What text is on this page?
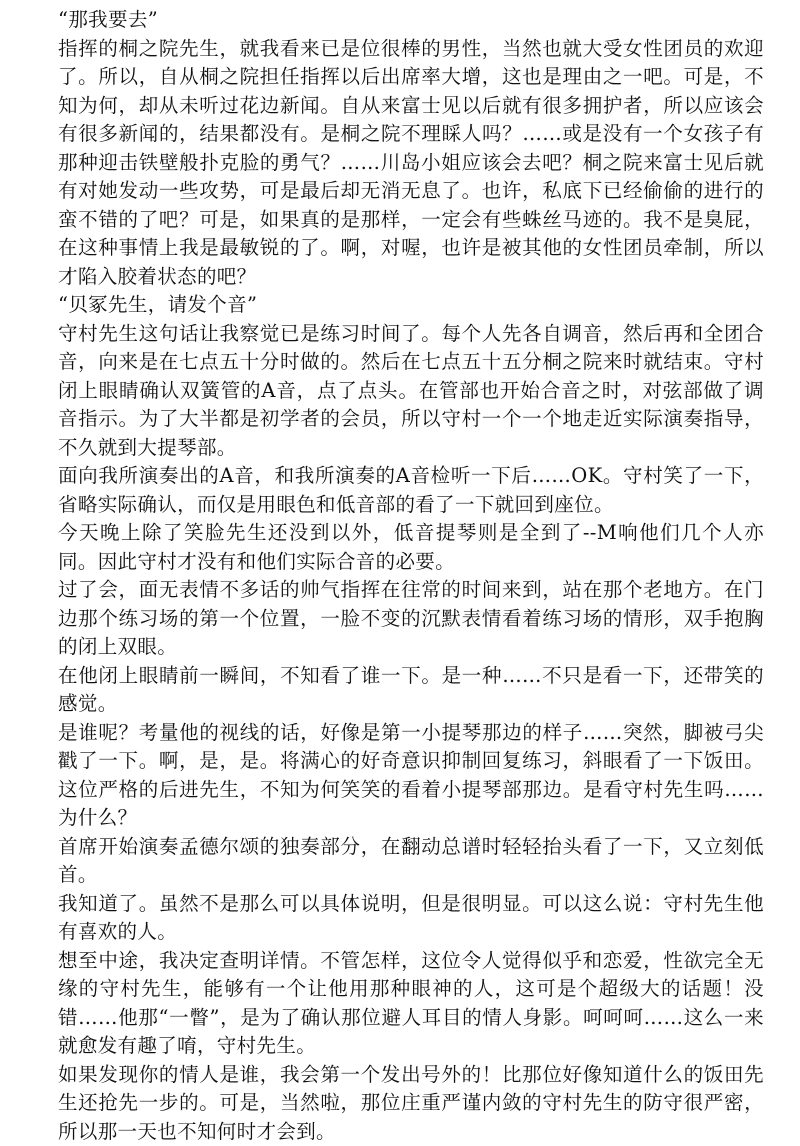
“那我要去”

指挥的桐之院先生，就我看来已是位很棒的男性，当然也就大受女性团员的欢迎了。所以，自从桐之院担任指挥以后出席率大增，这也是理由之一吧。可是，不知为何，却从未听过花边新闻。自从来富士见以后就有很多拥护者，所以应该会有很多新闻的，结果都没有。是桐之院不理睬人吗？……或是没有一个女孩子有那种迎击铁壁般扑克脸的勇气？……川岛小姐应该会去吧？桐之院来富士见后就有对她发动一些攻势，可是最后却无消无息了。也许，私底下已经偷偷的进行的蛮不错的了吧？可是，如果真的是那样，一定会有些蛛丝马迹的。我不是臭屁，在这种事情上我是最敏锐的了。啊，对喔，也许是被其他的女性团员牵制，所以才陷入胶着状态的吧？

“贝冢先生，请发个音”

守村先生这句话让我察觉已是练习时间了。每个人先各自调音，然后再和全团合音，向来是在七点五十分时做的。然后在七点五十五分桐之院来时就结束。守村闭上眼睛确认双簧管的A音，点了点头。在管部也开始合音之时，对弦部做了调音指示。为了大半都是初学者的会员，所以守村一个一个地走近实际演奏指导，不久就到大提琴部。

面向我所演奏出的A音，和我所演奏的A音检听一下后……OK。守村笑了一下，省略实际确认，而仅是用眼色和低音部的看了一下就回到座位。

今天晚上除了笑脸先生还没到以外，低音提琴则是全到了--M响他们几个人亦同。因此守村才没有和他们实际合音的必要。

过了会，面无表情不多话的帅气指挥在往常的时间来到，站在那个老地方。在门边那个练习场的第一个位置，一脸不变的沉默表情看着练习场的情形，双手抱胸的闭上双眼。

在他闭上眼睛前一瞬间，不知看了谁一下。是一种……不只是看一下，还带笑的感觉。

是谁呢？考量他的视线的话，好像是第一小提琴那边的样子……突然，脚被弓尖戳了一下。啊，是，是。将满心的好奇意识抑制回复练习，斜眼看了一下饭田。这位严格的后进先生，不知为何笑笑的看着小提琴部那边。是看守村先生吗……为什么？

首席开始演奏孟德尔颂的独奏部分，在翻动总谱时轻轻抬头看了一下，又立刻低首。

我知道了。虽然不是那么可以具体说明，但是很明显。可以这么说：守村先生他有喜欢的人。

想至中途，我决定查明详情。不管怎样，这位令人觉得似乎和恋爱，性欲完全无缘的守村先生，能够有一个让他用那种眼神的人，这可是个超级大的话题！没错……他那“一瞥”，是为了确认那位避人耳目的情人身影。呵呵呵……这么一来就愈发有趣了唷，守村先生。

如果发现你的情人是谁，我会第一个发出号外的！比那位好像知道什么的饭田先生还抢先一步的。可是，当然啦，那位庄重严谨内敛的守村先生的防守很严密，所以那一天也不知何时才会到。
